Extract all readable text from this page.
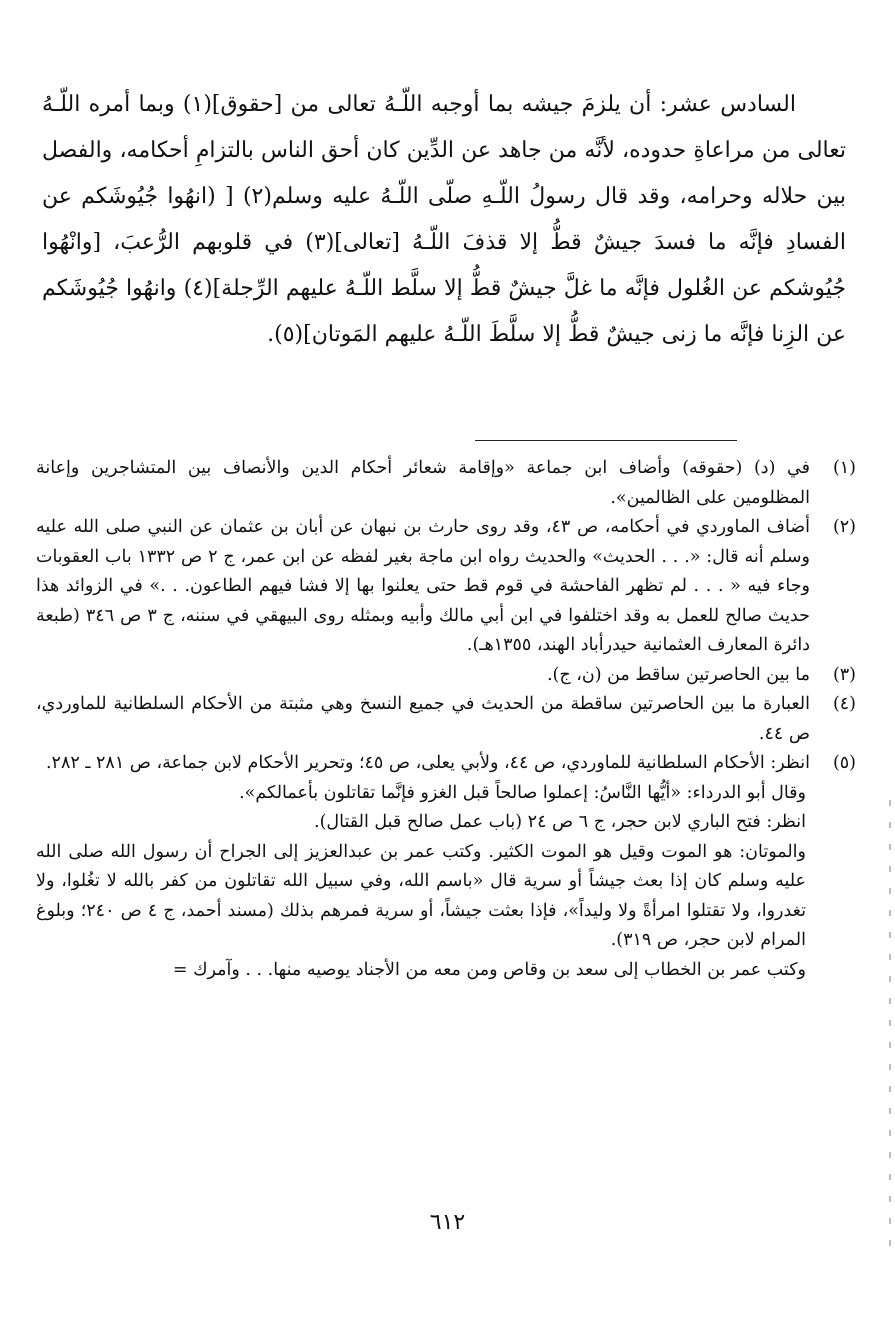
السادس عشر: أن يلزمَ جيشه بما أوجبه اللّـهُ تعالى من [حقوق](١) وبما أمره اللّـهُ تعالى من مراعاةِ حدوده، لأنَّه من جاهد عن الدِّين كان أحق الناس بالتزامِ أحكامه، والفصل بين حلاله وحرامه، وقد قال رسولُ اللّـهِ صلّى اللّـهُ عليه وسلم(٢) [ (انهُوا جُيُوشَكم عن الفسادِ فإنَّه ما فسدَ جيشٌ قطُّ إلا قذفَ اللّـهُ [تعالى](٣) في قلوبهم الرُّعبَ، [وانْهُوا جُيُوشكم عن الغُلول فإنَّه ما غلَّ جيشٌ قطُّ إلا سلَّط اللّـهُ عليهم الرِّجلة](٤) وانهُوا جُيُوشَكم عن الزِنا فإنَّه ما زنى جيشٌ قطُّ إلا سلَّطَ اللّـهُ عليهم المَوتان](٥).

(١)

في (د) (حقوقه) وأضاف ابن جماعة «وإقامة شعائر أحكام الدين والأنصاف بين المتشاجرين وإعانة المظلومين على الظالمين».

(٢)

أضاف الماوردي في أحكامه، ص ٤٣، وقد روى حارث بن نبهان عن أبان بن عثمان عن النبي صلى الله عليه وسلم أنه قال: «. . . الحديث» والحديث رواه ابن ماجة بغير لفظه عن ابن عمر، ج ٢ ص ١٣٣٢ باب العقوبات وجاء فيه « . . . لم تظهر الفاحشة في قوم قط حتى يعلنوا بها إلا فشا فيهم الطاعون. . .» في الزوائد هذا حديث صالح للعمل به وقد اختلفوا في ابن أبي مالك وأبيه وبمثله روى البيهقي في سننه، ج ٣ ص ٣٤٦ (طبعة دائرة المعارف العثمانية حيدرأباد الهند، ١٣٥٥هـ).

(٣)

ما بين الحاصرتين ساقط من (ن، ج).

(٤)

العبارة ما بين الحاصرتين ساقطة من الحديث في جميع النسخ وهي مثبتة من الأحكام السلطانية للماوردي، ص ٤٤.

(٥)

انظر: الأحكام السلطانية للماوردي، ص ٤٤، ولأبي يعلى، ص ٤٥؛ وتحرير الأحكام لابن جماعة، ص ٢٨١ ـ ٢٨٢.

وقال أبو الدرداء: «أيُّها النَّاسُ: إعملوا صالحاً قبل الغزو فإنَّما تقاتلون بأعمالكم».

انظر: فتح الباري لابن حجر، ج ٦ ص ٢٤ (باب عمل صالح قبل القتال).

والموتان: هو الموت وقيل هو الموت الكثير. وكتب عمر بن عبدالعزيز إلى الجراح أن رسول الله صلى الله عليه وسلم كان إذا بعث جيشاً أو سرية قال «باسم الله، وفي سبيل الله تقاتلون من كفر بالله لا تغُلوا، ولا تغدروا، ولا تقتلوا امرأةً ولا وليداً»، فإذا بعثت جيشاً، أو سرية فمرهم بذلك (مسند أحمد، ج ٤ ص ٢٤٠؛ وبلوغ المرام لابن حجر، ص ٣١٩).

وكتب عمر بن الخطاب إلى سعد بن وقاص ومن معه من الأجناد يوصيه منها. . . وآمرك =

٦١٢
